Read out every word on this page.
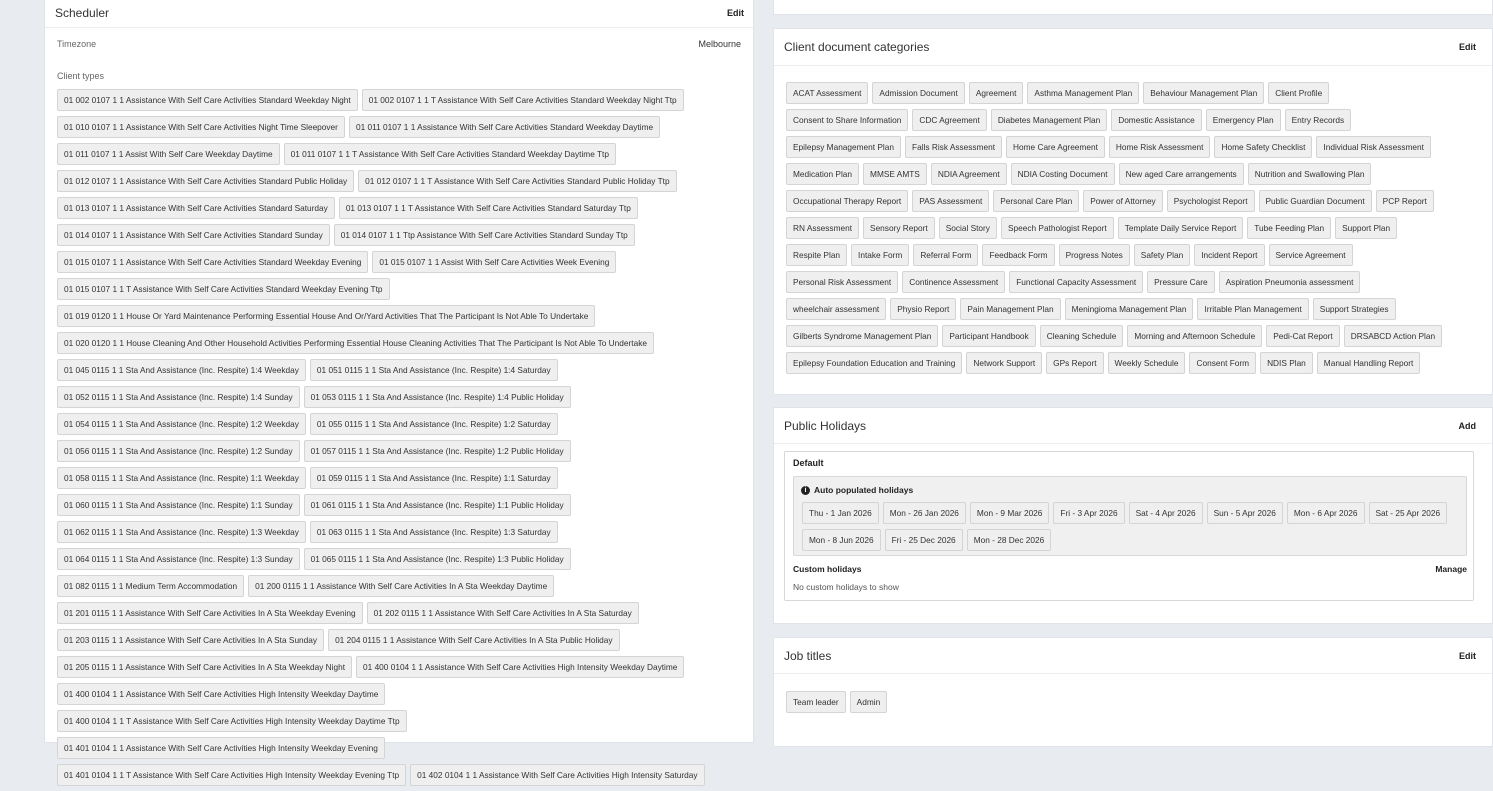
Scheduler	Edit
Timezone	Melbourne
Client types
01 002 0107 1 1 Assistance With Self Care Activities Standard Weekday Night 01 002 0107 1 1 T Assistance With Self Care Activities Standard Weekday Night Ttp01 010 0107 1 1 Assistance With Self Care Activities Night Time Sleepover 01 011 0107 1 1 Assistance With Self Care Activities Standard Weekday Daytime01 011 0107 1 1 Assist With Self Care Weekday Daytime 01 011 0107 1 1 T Assistance With Self Care Activities Standard Weekday Daytime Ttp01 012 0107 1 1 Assistance With Self Care Activities Standard Public Holiday 01 012 0107 1 1 T Assistance With Self Care Activities Standard Public Holiday Ttp01 013 0107 1 1 Assistance With Self Care Activities Standard Saturday 01 013 0107 1 1 T Assistance With Self Care Activities Standard Saturday Ttp01 014 0107 1 1 Assistance With Self Care Activities Standard Sunday 01 014 0107 1 1 Ttp Assistance With Self Care Activities Standard Sunday Ttp01 015 0107 1 1 Assistance With Self Care Activities Standard Weekday Evening 01 015 0107 1 1 Assist With Self Care Activities Week Evening01 015 0107 1 1 T Assistance With Self Care Activities Standard Weekday Evening Ttp01 019 0120 1 1 House Or Yard Maintenance Performing Essential House And Or/Yard Activities That The Participant Is Not Able To Undertake01 020 0120 1 1 House Cleaning And Other Household Activities Performing Essential House Cleaning Activities That The Participant Is Not Able To Undertake01 045 0115 1 1 Sta And Assistance (Inc. Respite) 1:4 Weekday 01 051 0115 1 1 Sta And Assistance (Inc. Respite) 1:4 Saturday01 052 0115 1 1 Sta And Assistance (Inc. Respite) 1:4 Sunday 01 053 0115 1 1 Sta And Assistance (Inc. Respite) 1:4 Public Holiday01 054 0115 1 1 Sta And Assistance (Inc. Respite) 1:2 Weekday 01 055 0115 1 1 Sta And Assistance (Inc. Respite) 1:2 Saturday01 056 0115 1 1 Sta And Assistance (Inc. Respite) 1:2 Sunday 01 057 0115 1 1 Sta And Assistance (Inc. Respite) 1:2 Public Holiday01 058 0115 1 1 Sta And Assistance (Inc. Respite) 1:1 Weekday 01 059 0115 1 1 Sta And Assistance (Inc. Respite) 1:1 Saturday01 060 0115 1 1 Sta And Assistance (Inc. Respite) 1:1 Sunday 01 061 0115 1 1 Sta And Assistance (Inc. Respite) 1:1 Public Holiday01 062 0115 1 1 Sta And Assistance (Inc. Respite) 1:3 Weekday 01 063 0115 1 1 Sta And Assistance (Inc. Respite) 1:3 Saturday01 064 0115 1 1 Sta And Assistance (Inc. Respite) 1:3 Sunday 01 065 0115 1 1 Sta And Assistance (Inc. Respite) 1:3 Public Holiday01 082 0115 1 1 Medium Term Accommodation 01 200 0115 1 1 Assistance With Self Care Activities In A Sta Weekday Daytime01 201 0115 1 1 Assistance With Self Care Activities In A Sta Weekday Evening 01 202 0115 1 1 Assistance With Self Care Activities In A Sta Saturday01 203 0115 1 1 Assistance With Self Care Activities In A Sta Sunday 01 204 0115 1 1 Assistance With Self Care Activities In A Sta Public Holiday01 205 0115 1 1 Assistance With Self Care Activities In A Sta Weekday Night 01 400 0104 1 1 Assistance With Self Care Activities High Intensity Weekday Daytime01 400 0104 1 1 Assistance With Self Care Activities High Intensity Weekday Daytime01 400 0104 1 1 T Assistance With Self Care Activities High Intensity Weekday Daytime Ttp01 401 0104 1 1 Assistance With Self Care Activities High Intensity Weekday Evening01 401 0104 1 1 T Assistance With Self Care Activities High Intensity Weekday Evening Ttp 01 402 0104 1 1 Assistance With Self Care Activities High Intensity Saturday
Client document categories	Edit
ACAT Assessment Admission Document Agreement Asthma Management Plan Behaviour Management Plan Client ProfileConsent to Share Information CDC Agreement Diabetes Management Plan Domestic Assistance Emergency Plan Entry RecordsEpilepsy Management Plan Falls Risk Assessment Home Care Agreement Home Risk Assessment Home Safety Checklist Individual Risk AssessmentMedication Plan MMSE AMTS NDIA Agreement NDIA Costing Document New aged Care arrangements Nutrition and Swallowing PlanOccupational Therapy Report PAS Assessment Personal Care Plan Power of Attorney Psychologist Report Public Guardian Document PCP ReportRN Assessment Sensory Report Social Story Speech Pathologist Report Template Daily Service Report Tube Feeding Plan Support PlanRespite Plan Intake Form Referral Form Feedback Form Progress Notes Safety Plan Incident Report Service AgreementPersonal Risk Assessment Continence Assessment Functional Capacity Assessment Pressure Care Aspiration Pneumonia assessmentwheelchair assessment Physio Report Pain Management Plan Meningioma Management Plan Irritable Plan Management Support StrategiesGilberts Syndrome Management Plan Participant Handbook Cleaning Schedule Morning and Afternoon Schedule Pedi-Cat Report DRSABCD Action PlanEpilepsy Foundation Education and Training Network Support GPs Report Weekly Schedule Consent Form NDIS Plan Manual Handling Report
Public Holidays	Add
Default
i Auto populated holidays
Thu - 1 Jan 2026 Mon - 26 Jan 2026 Mon - 9 Mar 2026 Fri - 3 Apr 2026 Sat - 4 Apr 2026 Sun - 5 Apr 2026 Mon - 6 Apr 2026 Sat - 25 Apr 2026Mon - 8 Jun 2026 Fri - 25 Dec 2026 Mon - 28 Dec 2026
Custom holidays	Manage
No custom holidays to show
Job titles	Edit
Team leader Admin
